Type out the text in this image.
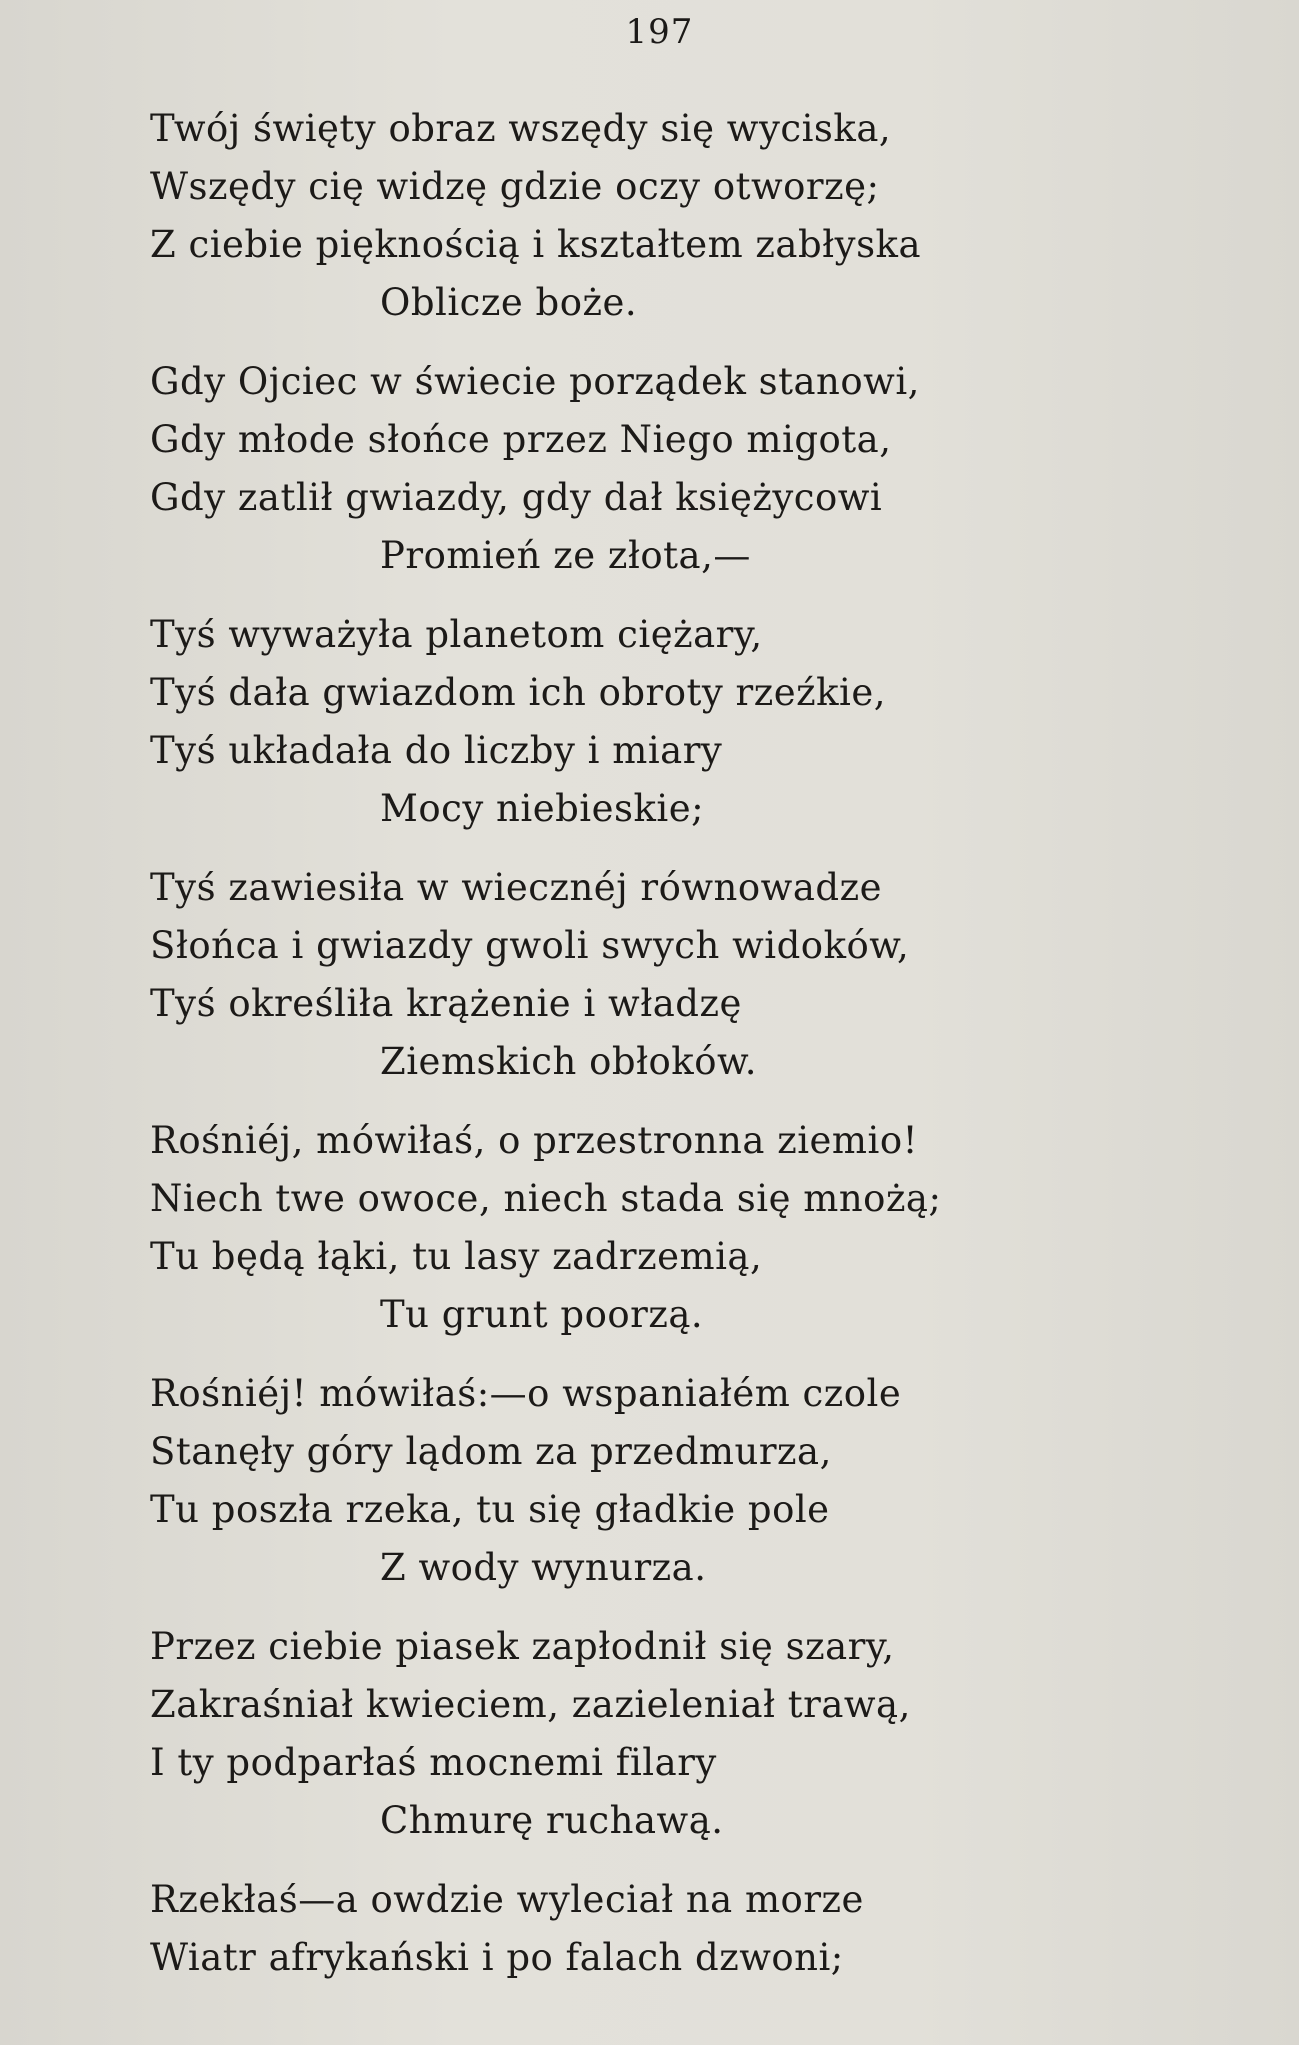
197
Twój święty obraz wszędy się wyciska,
Wszędy cię widzę gdzie oczy otworzę;
Z ciebie pięknością i kształtem zabłyska
Oblicze boże.
Gdy Ojciec w świecie porządek stanowi,
Gdy młode słońce przez Niego migota,
Gdy zatlił gwiazdy, gdy dał księżycowi
Promień ze złota,—
Tyś wyważyła planetom ciężary,
Tyś dała gwiazdom ich obroty rzeźkie,
Tyś układała do liczby i miary
Mocy niebieskie;
Tyś zawiesiła w wiecznéj równowadze
Słońca i gwiazdy gwoli swych widoków,
Tyś określiła krążenie i władzę
Ziemskich obłoków.
Rośniéj, mówiłaś, o przestronna ziemio!
Niech twe owoce, niech stada się mnożą;
Tu będą łąki, tu lasy zadrzemią,
Tu grunt poorzą.
Rośniéj! mówiłaś:—o wspaniałém czole
Stanęły góry lądom za przedmurza,
Tu poszła rzeka, tu się gładkie pole
Z wody wynurza.
Przez ciebie piasek zapłodnił się szary,
Zakraśniał kwieciem, zazieleniał trawą,
I ty podparłaś mocnemi filary
Chmurę ruchawą.
Rzekłaś—a owdzie wyleciał na morze
Wiatr afrykański i po falach dzwoni;
